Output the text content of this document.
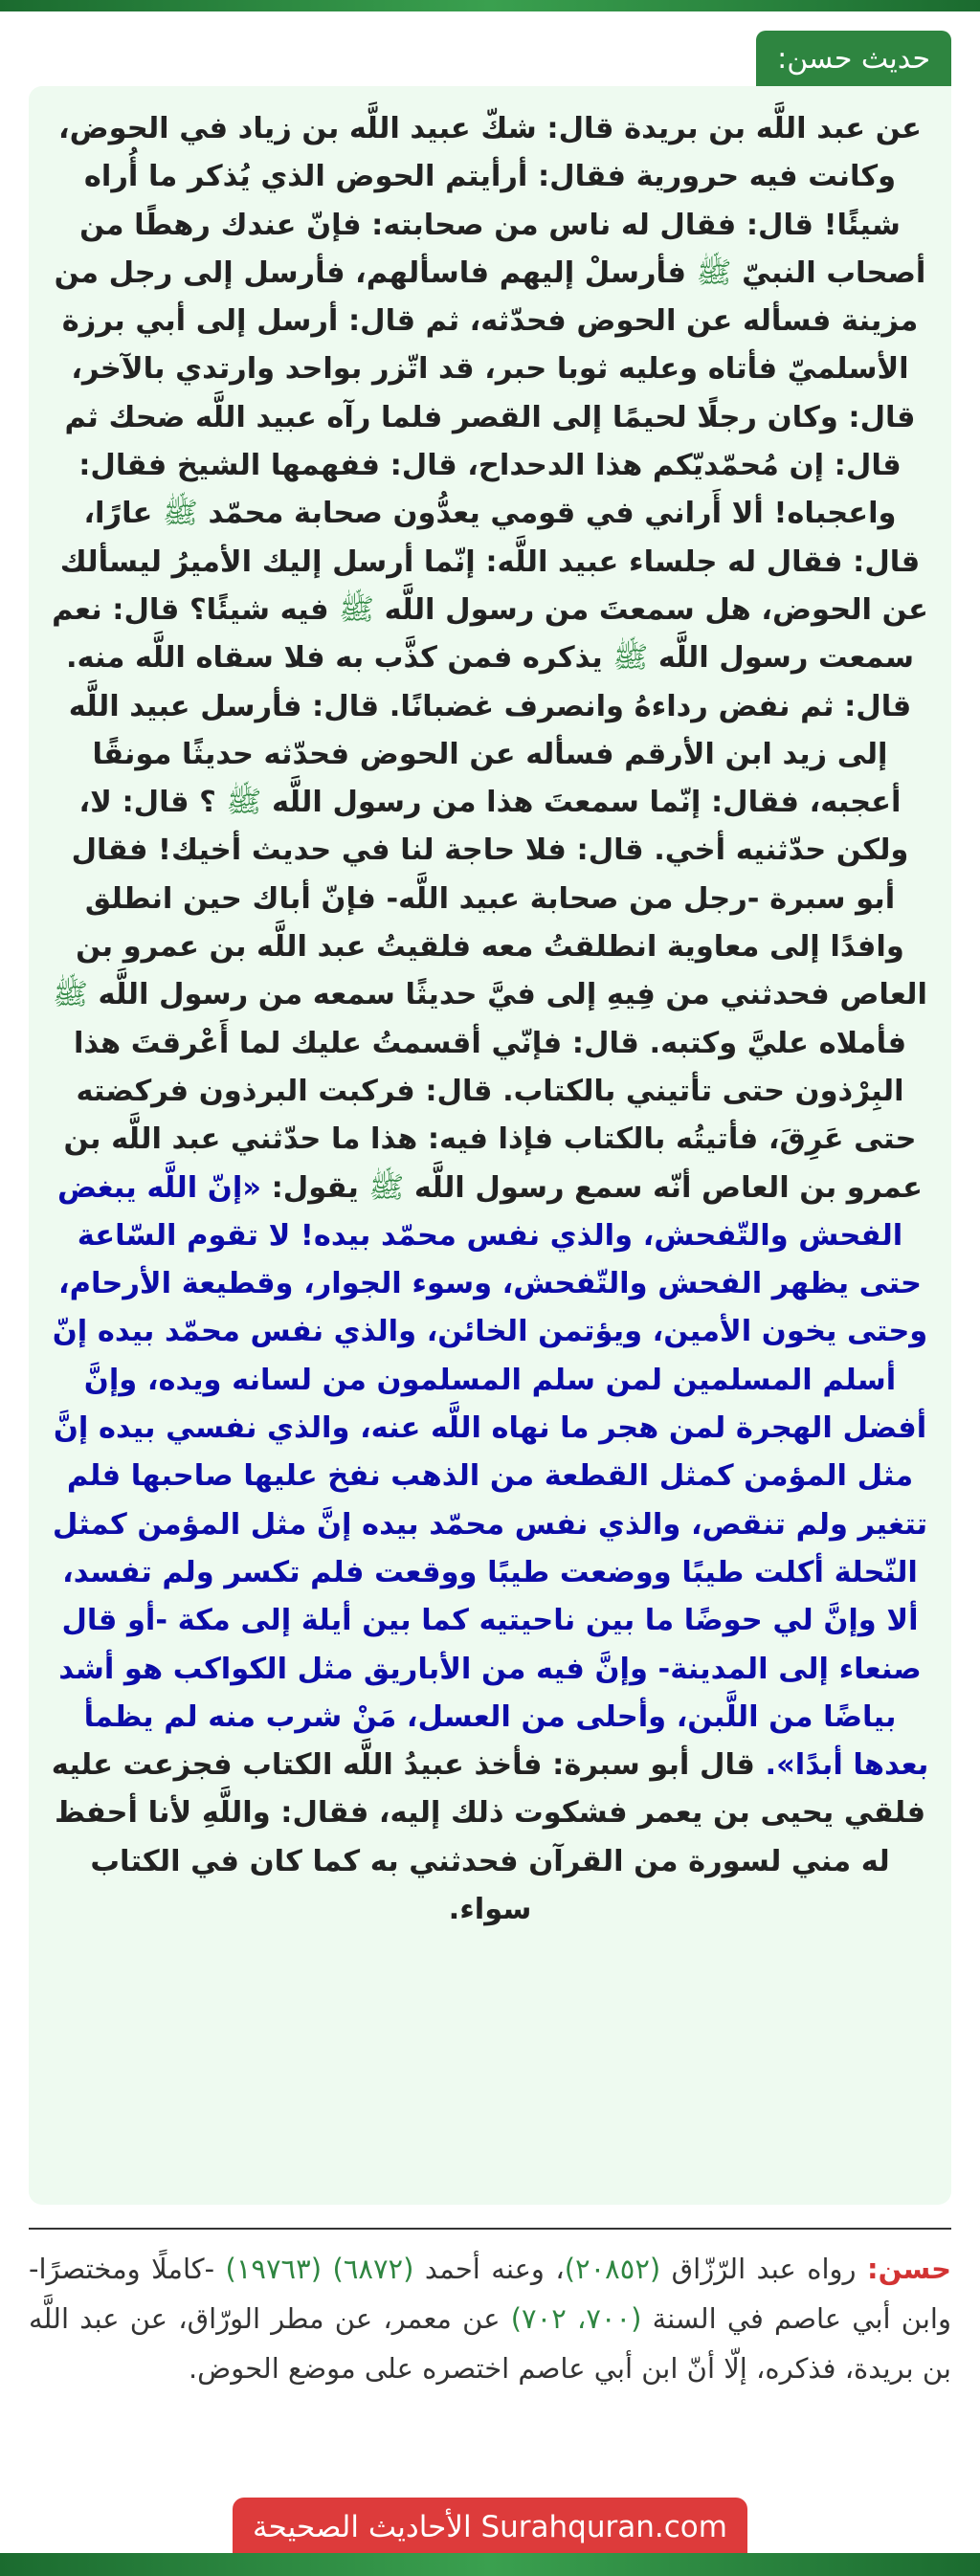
حديث حسن:
عن عبد اللَّه بن بريدة قال: شكّ عبيد اللَّه بن زياد في الحوض، وكانت فيه حرورية فقال: أرأيتم الحوض الذي يُذكر ما أُراه شيئًا! قال: فقال له ناس من صحابته: فإنّ عندك رهطًا من أصحاب النبيّ ﷺ فأرسلْ إليهم فاسألهم، فأرسل إلى رجل من مزينة فسأله عن الحوض فحدّثه، ثم قال: أرسل إلى أبي برزة الأسلميّ فأتاه وعليه ثوبا حبر، قد اتّزر بواحد وارتدي بالآخر، قال: وكان رجلًا لحيمًا إلى القصر فلما رآه عبيد اللَّه ضحك ثم قال: إن مُحمّديّكم هذا الدحداح، قال: ففهمها الشيخ فقال: واعجباه! ألا أَراني في قومي يعدُّون صحابة محمّد ﷺ عارًا، قال: فقال له جلساء عبيد اللَّه: إنّما أرسل إليك الأميرُ ليسألك عن الحوض، هل سمعتَ من رسول اللَّه ﷺ فيه شيئًا؟ قال: نعم سمعت رسول اللَّه ﷺ يذكره فمن كذَّب به فلا سقاه اللَّه منه. قال: ثم نفض رداءهُ وانصرف غضبانًا. قال: فأرسل عبيد اللَّه إلى زيد ابن الأرقم فسأله عن الحوض فحدّثه حديثًا مونقًا أعجبه، فقال: إنّما سمعتَ هذا من رسول اللَّه ﷺ ؟ قال: لا، ولكن حدّثنيه أخي. قال: فلا حاجة لنا في حديث أخيك! فقال أبو سبرة -رجل من صحابة عبيد اللَّه- فإنّ أباك حين انطلق وافدًا إلى معاوية انطلقتُ معه فلقيتُ عبد اللَّه بن عمرو بن العاص فحدثني من فِيهِ إلى فيَّ حديثًا سمعه من رسول اللَّه ﷺ فأملاه عليَّ وكتبه. قال: فإنّي أقسمتُ عليك لما أَعْرقتَ هذا البِرْذون حتى تأتيني بالكتاب. قال: فركبت البرذون فركضته حتى عَرِقَ، فأتيتُه بالكتاب فإذا فيه: هذا ما حدّثني عبد اللَّه بن عمرو بن العاص أنّه سمع رسول اللَّه ﷺ يقول: «إنّ اللَّه يبغض الفحش والتّفحش، والذي نفس محمّد بيده! لا تقوم السّاعة حتى يظهر الفحش والتّفحش، وسوء الجوار، وقطيعة الأرحام، وحتى يخون الأمين، ويؤتمن الخائن، والذي نفس محمّد بيده إنّ أسلم المسلمين لمن سلم المسلمون من لسانه ويده، وإنَّ أفضل الهجرة لمن هجر ما نهاه اللَّه عنه، والذي نفسي بيده إنَّ مثل المؤمن كمثل القطعة من الذهب نفخ عليها صاحبها فلم تتغير ولم تنقص، والذي نفس محمّد بيده إنَّ مثل المؤمن كمثل النّحلة أكلت طيبًا ووضعت طيبًا ووقعت فلم تكسر ولم تفسد، ألا وإنَّ لي حوضًا ما بين ناحيتيه كما بين أيلة إلى مكة -أو قال صنعاء إلى المدينة- وإنَّ فيه من الأباريق مثل الكواكب هو أشد بياضًا من اللَّبن، وأحلى من العسل، مَنْ شرب منه لم يظمأ بعدها أبدًا». قال أبو سبرة: فأخذ عبيدُ اللَّه الكتاب فجزعت عليه فلقي يحيى بن يعمر فشكوت ذلك إليه، فقال: واللَّهِ لأنا أحفظ له مني لسورة من القرآن فحدثني به كما كان في الكتاب سواء.
حسن: رواه عبد الرّزّاق (٢٠٨٥٢)، وعنه أحمد (٦٨٧٢) (١٩٧٦٣) -كاملًا ومختصرًا- وابن أبي عاصم في السنة (٧٠٠، ٧٠٢) عن معمر، عن مطر الورّاق، عن عبد اللَّه بن بريدة، فذكره، إلّا أنّ ابن أبي عاصم اختصره على موضع الحوض.
الأحاديث الصحيحة Surahquran.com
